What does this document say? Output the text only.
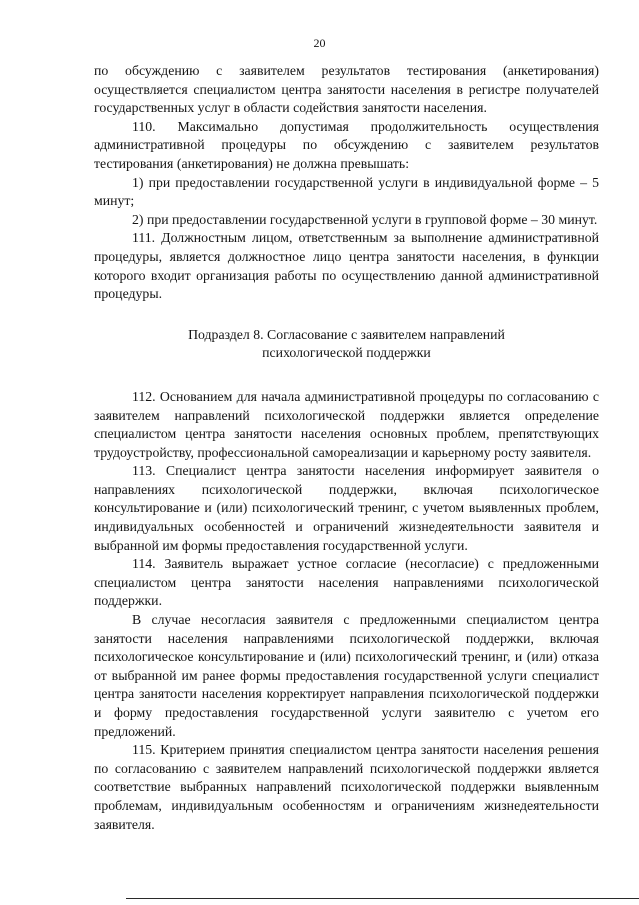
20

по обсуждению с заявителем результатов тестирования (анкетирования) осуществляется специалистом центра занятости населения в регистре получателей государственных услуг в области содействия занятости населения.

110. Максимально допустимая продолжительность осуществления административной процедуры по обсуждению с заявителем результатов тестирования (анкетирования) не должна превышать:

1) при предоставлении государственной услуги в индивидуальной форме – 5 минут;

2) при предоставлении государственной услуги в групповой форме – 30 минут.

111. Должностным лицом, ответственным за выполнение административной процедуры, является должностное лицо центра занятости населения, в функции которого входит организация работы по осуществлению данной административной процедуры.

Подраздел 8. Согласование с заявителем направлений
психологической поддержки

112. Основанием для начала административной процедуры по согласованию с заявителем направлений психологической поддержки является определение специалистом центра занятости населения основных проблем, препятствующих трудоустройству, профессиональной самореализации и карьерному росту заявителя.

113. Специалист центра занятости населения информирует заявителя о направлениях психологической поддержки, включая психологическое консультирование и (или) психологический тренинг, с учетом выявленных проблем, индивидуальных особенностей и ограничений жизнедеятельности заявителя и выбранной им формы предоставления государственной услуги.

114. Заявитель выражает устное согласие (несогласие) с предложенными специалистом центра занятости населения направлениями психологической поддержки.

В случае несогласия заявителя с предложенными специалистом центра занятости населения направлениями психологической поддержки, включая психологическое консультирование и (или) психологический тренинг, и (или) отказа от выбранной им ранее формы предоставления государственной услуги специалист центра занятости населения корректирует направления психологической поддержки и форму предоставления государственной услуги заявителю с учетом его предложений.

115. Критерием принятия специалистом центра занятости населения решения по согласованию с заявителем направлений психологической поддержки является соответствие выбранных направлений психологической поддержки выявленным проблемам, индивидуальным особенностям и ограничениям жизнедеятельности заявителя.
